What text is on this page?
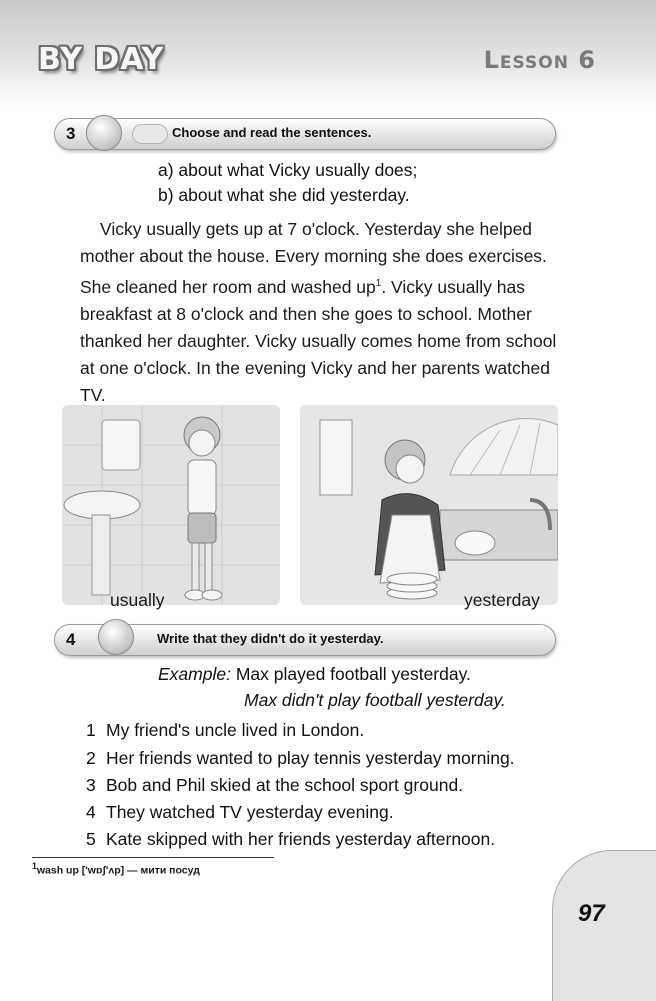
BY DAY	Lesson 6
3	Choose and read the sentences.
a) about what Vicky usually does;
b) about what she did yesterday.
Vicky usually gets up at 7 o'clock. Yesterday she helped mother about the house. Every morning she does exercises. She cleaned her room and washed $up^1$. Vicky usually has breakfast at 8 o'clock and then she goes to school. Mother thanked her daughter. Vicky usually comes home from school at one o'clock. In the evening Vicky and her parents watched TV.
usually	yesterday
4	Write that they didn't do it yesterday.
Example: Max played football yesterday.
Max didn't play football yesterday.
1 My friend's uncle lived in London.
2 Her friends wanted to play tennis yesterday morning.
3 Bob and Phil skied at the school sport ground.
4 They watched TV yesterday evening.
5 Kate skipped with her friends yesterday afternoon.
$^1$wash up ['wɒʃ'ʌp] — мити посуд
97
